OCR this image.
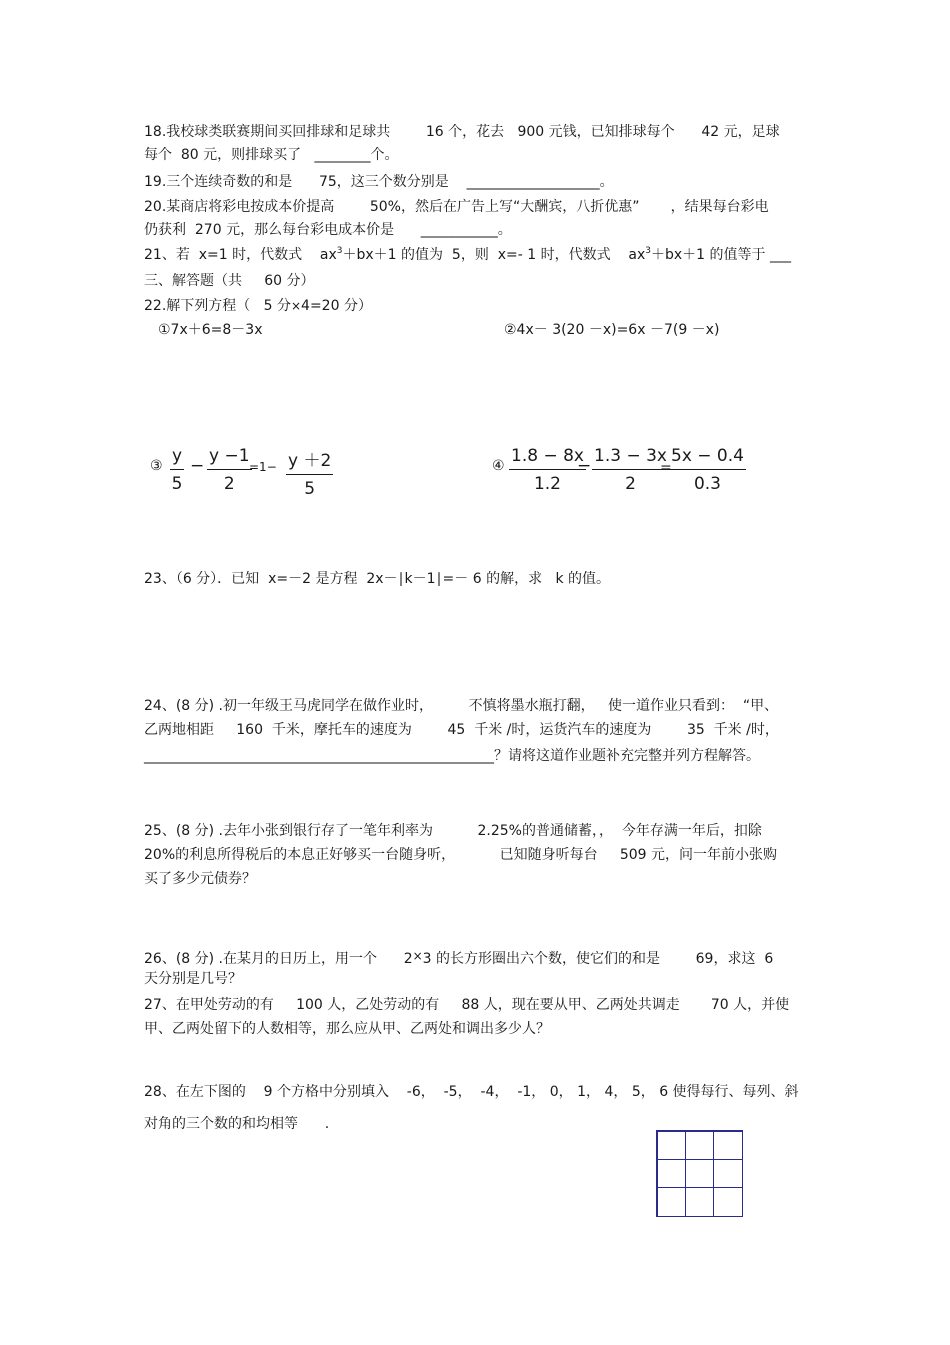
18.我校球类联赛期间买回排球和足球共        16 个，花去   900 元钱，已知排球每个      42 元，足球
每个  80 元，则排球买了   ________个。
19.三个连续奇数的和是      75，这三个数分别是    ___________________。
20.某商店将彩电按成本价提高        50%，然后在广告上写“大酬宾，八折优惠”       ，结果每台彩电
仍获利  270 元，那么每台彩电成本价是      ___________。
21、若  x=1 时，代数式    $ax^3+bx+1$ 的值为  5，则  x=- 1 时，代数式    $ax^3+bx+1$ 的值等于 ___
三、解答题（共     60 分）
22.解下列方程（   5 分×4=20 分）
①7x＋6=8－3x	②4x－ 3(20 －x)=6x －7(9 －x)
③ y
5
− y −1
2
=1− y ＋2
5
④ 1.8 − 8x
1.2
− 1.3 − 3x
2
=
5x − 0.4
0.3
23、（6 分）．已知  x=－2 是方程  2x－∣k－1∣=－ 6 的解，求   k 的值。
24、(8 分) .初一年级王马虎同学在做作业时，        不慎将墨水瓶打翻，   使一道作业只看到：  “甲、
乙两地相距     160  千米，摩托车的速度为        45  千米 /时，运货汽车的速度为        35  千米 /时，
__________________________________________________？请将这道作业题补充完整并列方程解答。
25、(8 分) .去年小张到银行存了一笔年利率为          2.25%的普通储蓄，，  今年存满一年后，扣除
20%的利息所得税后的本息正好够买一台随身听，          已知随身听每台     509 元，问一年前小张购
买了多少元债券？
26、(8 分) .在某月的日历上，用一个      2×3 的长方形圈出六个数，使它们的和是        69，求这  6
天分别是几号？
27、在甲处劳动的有     100 人，乙处劳动的有     88 人，现在要从甲、乙两处共调走       70 人，并使
甲、乙两处留下的人数相等，那么应从甲、乙两处和调出多少人？
28、在左下图的    9 个方格中分别填入    -6，  -5，  -4，  -1， 0， 1， 4， 5， 6 使得每行、每列、斜
对角的三个数的和均相等      .
